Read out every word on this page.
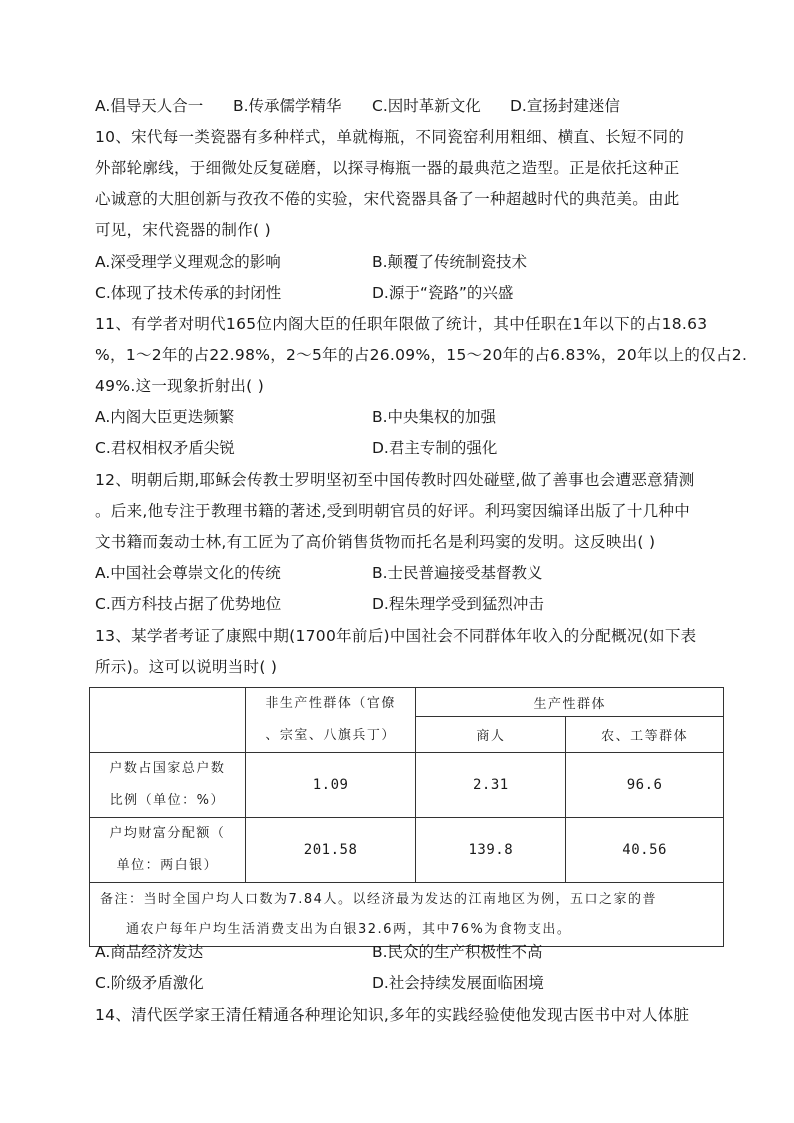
A.倡导天人合一 B.传承儒学精华 C.因时革新文化 D.宣扬封建迷信
10、宋代每一类瓷器有多种样式，单就梅瓶，不同瓷窑利用粗细、横直、长短不同的
外部轮廓线，于细微处反复磋磨，以探寻梅瓶一器的最典范之造型。正是依托这种正
心诚意的大胆创新与孜孜不倦的实验，宋代瓷器具备了一种超越时代的典范美。由此
可见，宋代瓷器的制作( )
A.深受理学义理观念的影响	B.颠覆了传统制瓷技术
C.体现了技术传承的封闭性	D.源于“瓷路”的兴盛
11、有学者对明代165位内阁大臣的任职年限做了统计，其中任职在1年以下的占18.63
%，1～2年的占22.98%，2～5年的占26.09%，15～20年的占6.83%，20年以上的仅占2.
49%.这一现象折射出( )
A.内阁大臣更迭频繁	B.中央集权的加强
C.君权相权矛盾尖锐	D.君主专制的强化
12、明朝后期,耶稣会传教士罗明坚初至中国传教时四处碰壁,做了善事也会遭恶意猜测
。后来,他专注于教理书籍的著述,受到明朝官员的好评。利玛窦因编译出版了十几种中
文书籍而轰动士林,有工匠为了高价销售货物而托名是利玛窦的发明。这反映出( )
A.中国社会尊崇文化的传统	B.士民普遍接受基督教义
C.西方科技占据了优势地位	D.程朱理学受到猛烈冲击
13、某学者考证了康熙中期(1700年前后)中国社会不同群体年收入的分配概况(如下表
所示)。这可以说明当时( )

	非生产性群体（官僚
、宗室、八旗兵丁）	生产性群体	
		商人	农、工等群体

户数占国家总户数
比例（单位：%）	1.09	2.31	96.6

户均财富分配额（
单位：两白银）	201.58	139.8	40.56

备注：当时全国户均人口数为7.84人。以经济最为发达的江南地区为例，五口之家的普
通农户每年户均生活消费支出为白银32.6两，其中76%为食物支出。			
A.商品经济发达	B.民众的生产积极性不高
C.阶级矛盾激化	D.社会持续发展面临困境
14、清代医学家王清任精通各种理论知识,多年的实践经验使他发现古医书中对人体脏
